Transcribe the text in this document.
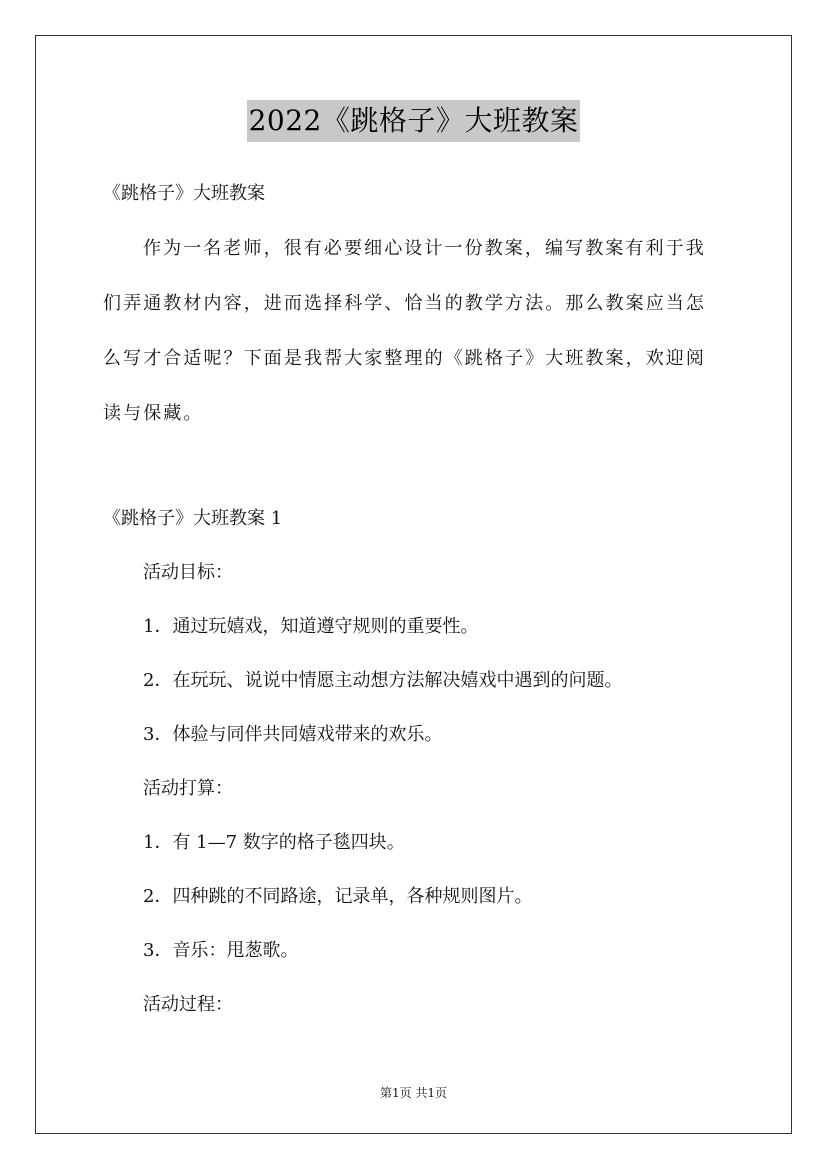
2022《跳格子》大班教案
《跳格子》大班教案
作为一名老师，很有必要细心设计一份教案，编写教案有利于我
们弄通教材内容，进而选择科学、恰当的教学方法。那么教案应当怎
么写才合适呢？下面是我帮大家整理的《跳格子》大班教案，欢迎阅
读与保藏。
《跳格子》大班教案 1
活动目标：
1．通过玩嬉戏，知道遵守规则的重要性。
2．在玩玩、说说中情愿主动想方法解决嬉戏中遇到的问题。
3．体验与同伴共同嬉戏带来的欢乐。
活动打算：
1．有 1—7 数字的格子毯四块。
2．四种跳的不同路途，记录单，各种规则图片。
3．音乐：甩葱歌。
活动过程：
第1页 共1页
